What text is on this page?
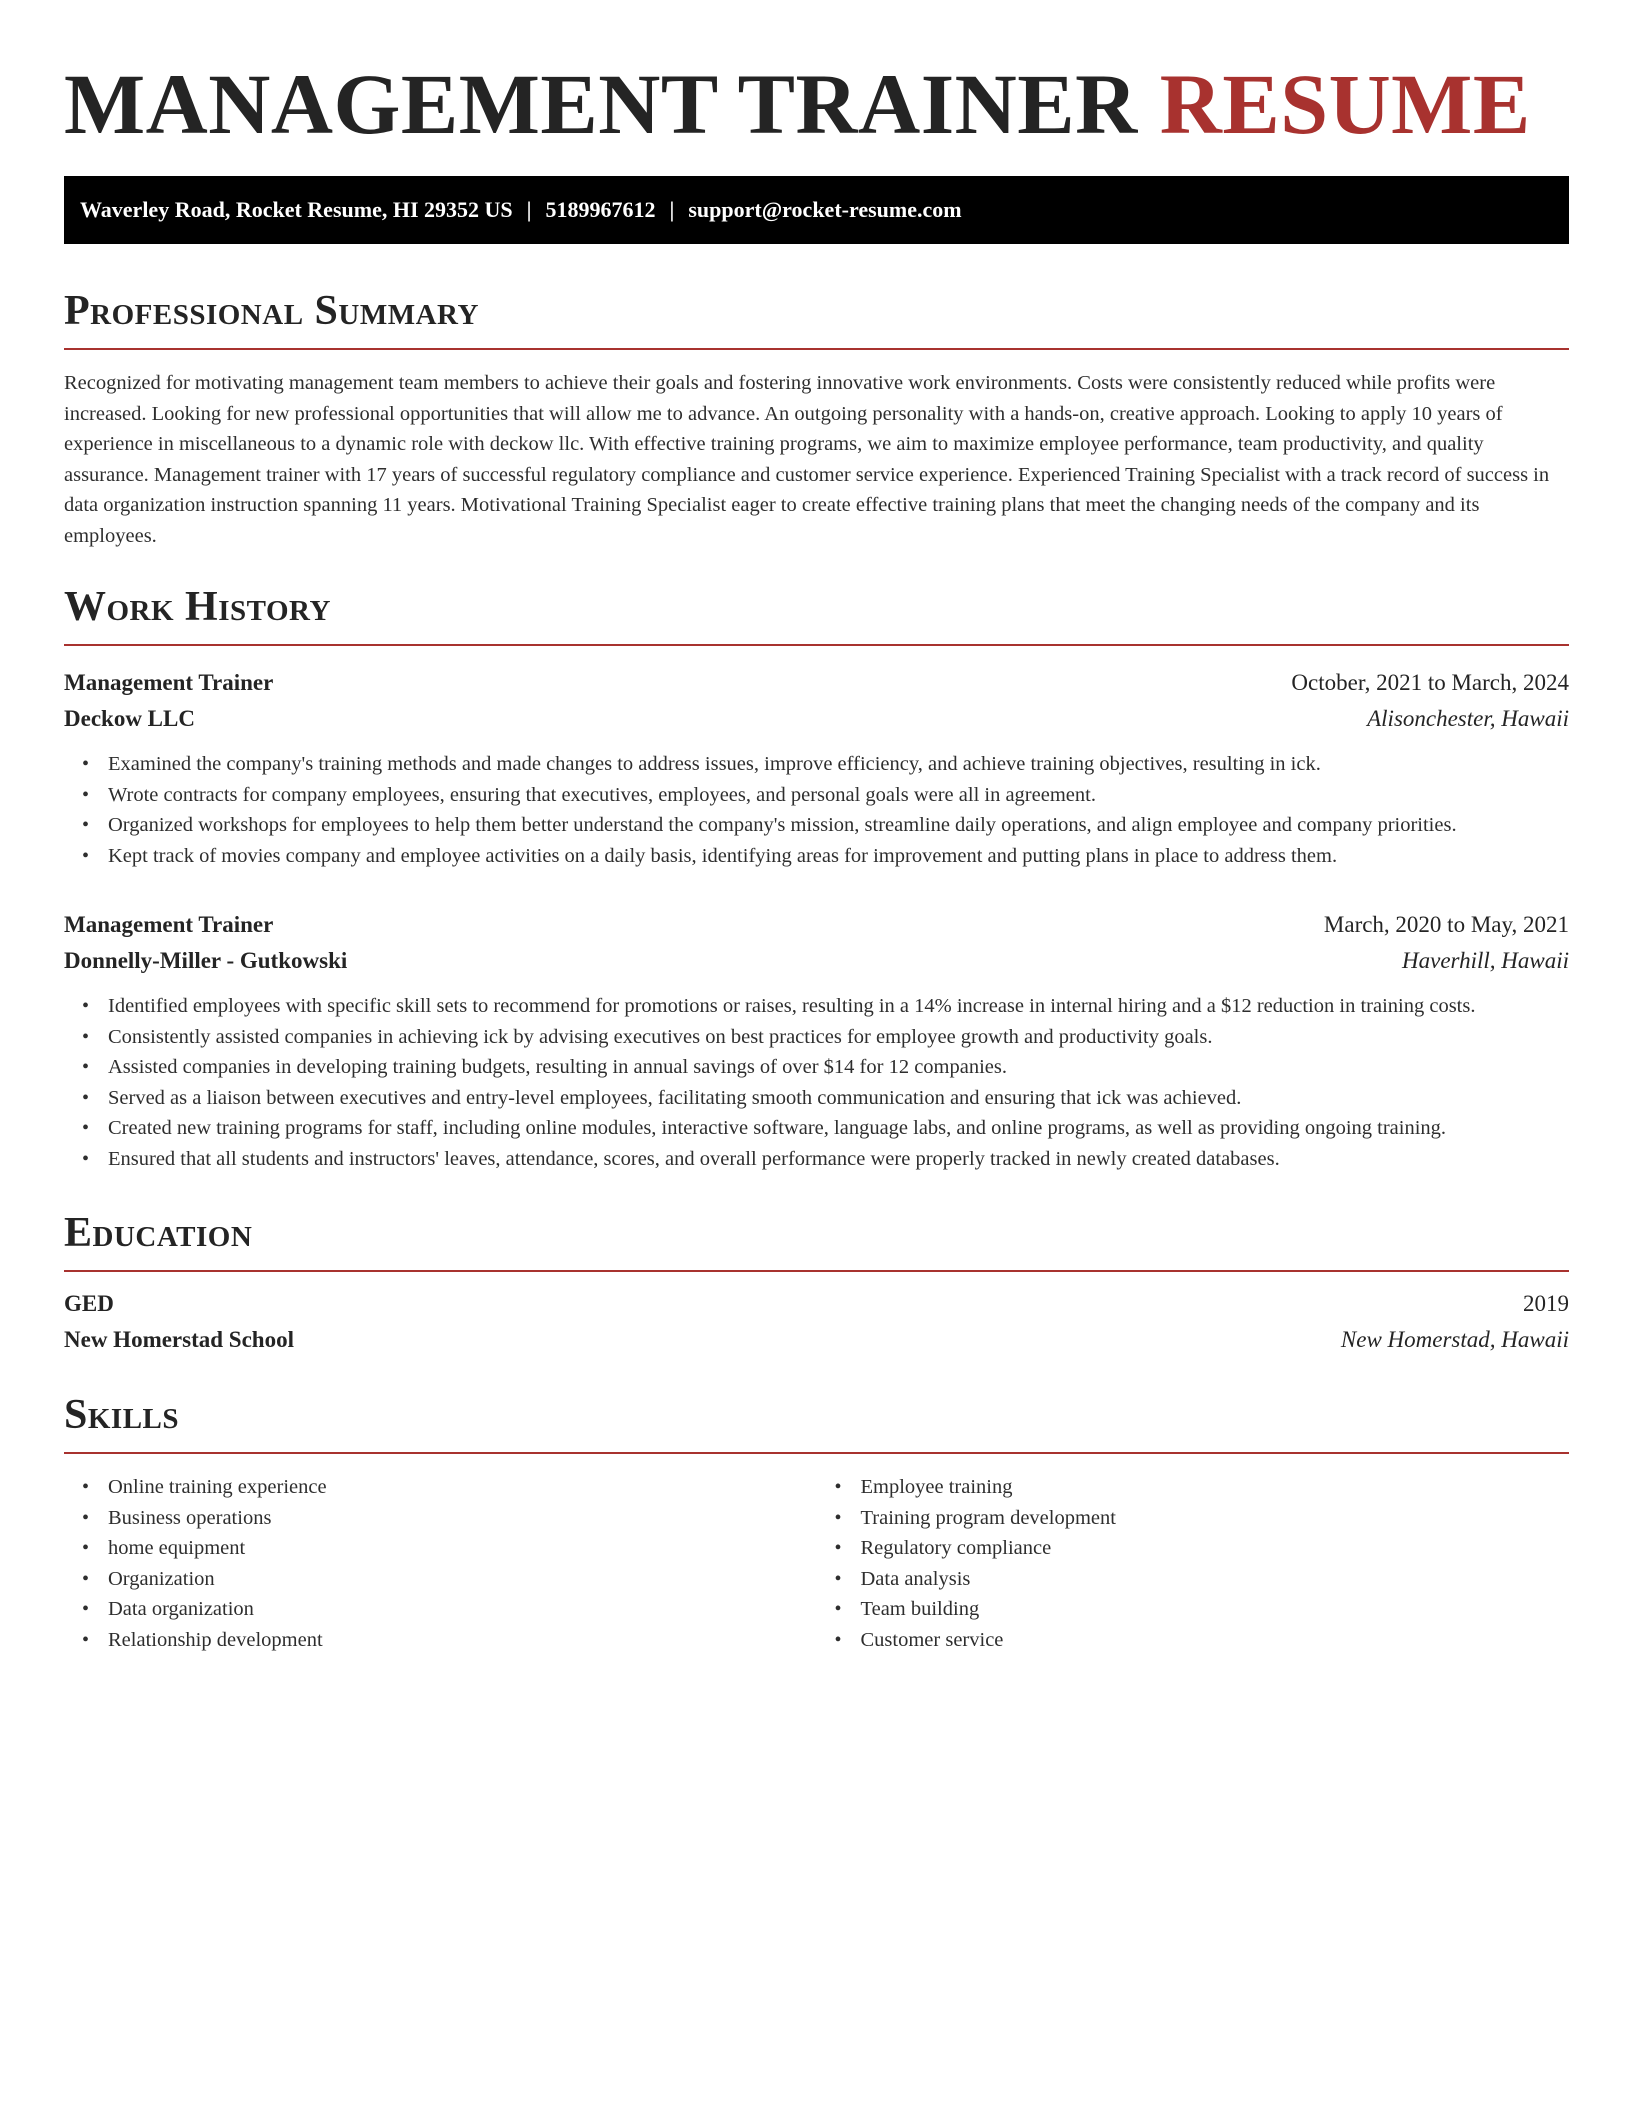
MANAGEMENT TRAINER RESUME
Waverley Road, Rocket Resume, HI 29352 US | 5189967612 | support@rocket-resume.com
Professional Summary

Recognized for motivating management team members to achieve their goals and fostering innovative work environments. Costs were consistently reduced while profits were increased. Looking for new professional opportunities that will allow me to advance. An outgoing personality with a hands-on, creative approach. Looking to apply 10 years of experience in miscellaneous to a dynamic role with deckow llc. With effective training programs, we aim to maximize employee performance, team productivity, and quality assurance. Management trainer with 17 years of successful regulatory compliance and customer service experience. Experienced Training Specialist with a track record of success in data organization instruction spanning 11 years. Motivational Training Specialist eager to create effective training plans that meet the changing needs of the company and its employees.

Work History
Management Trainer	October, 2021 to March, 2024
Deckow LLC	Alisonchester, Hawaii
• Examined the company's training methods and made changes to address issues, improve efficiency, and achieve training objectives, resulting in ick.
• Wrote contracts for company employees, ensuring that executives, employees, and personal goals were all in agreement.
• Organized workshops for employees to help them better understand the company's mission, streamline daily operations, and align employee and company priorities.
• Kept track of movies company and employee activities on a daily basis, identifying areas for improvement and putting plans in place to address them.
Management Trainer	March, 2020 to May, 2021
Donnelly-Miller - Gutkowski	Haverhill, Hawaii
• Identified employees with specific skill sets to recommend for promotions or raises, resulting in a 14% increase in internal hiring and a $12 reduction in training costs.
• Consistently assisted companies in achieving ick by advising executives on best practices for employee growth and productivity goals.
• Assisted companies in developing training budgets, resulting in annual savings of over $14 for 12 companies.
• Served as a liaison between executives and entry-level employees, facilitating smooth communication and ensuring that ick was achieved.
• Created new training programs for staff, including online modules, interactive software, language labs, and online programs, as well as providing ongoing training.
• Ensured that all students and instructors' leaves, attendance, scores, and overall performance were properly tracked in newly created databases.
Education
GED	2019
New Homerstad School	New Homerstad, Hawaii
Skills
• Online training experience
• Business operations
• home equipment
• Organization
• Data organization
• Relationship development
• Employee training
• Training program development
• Regulatory compliance
• Data analysis
• Team building
• Customer service
